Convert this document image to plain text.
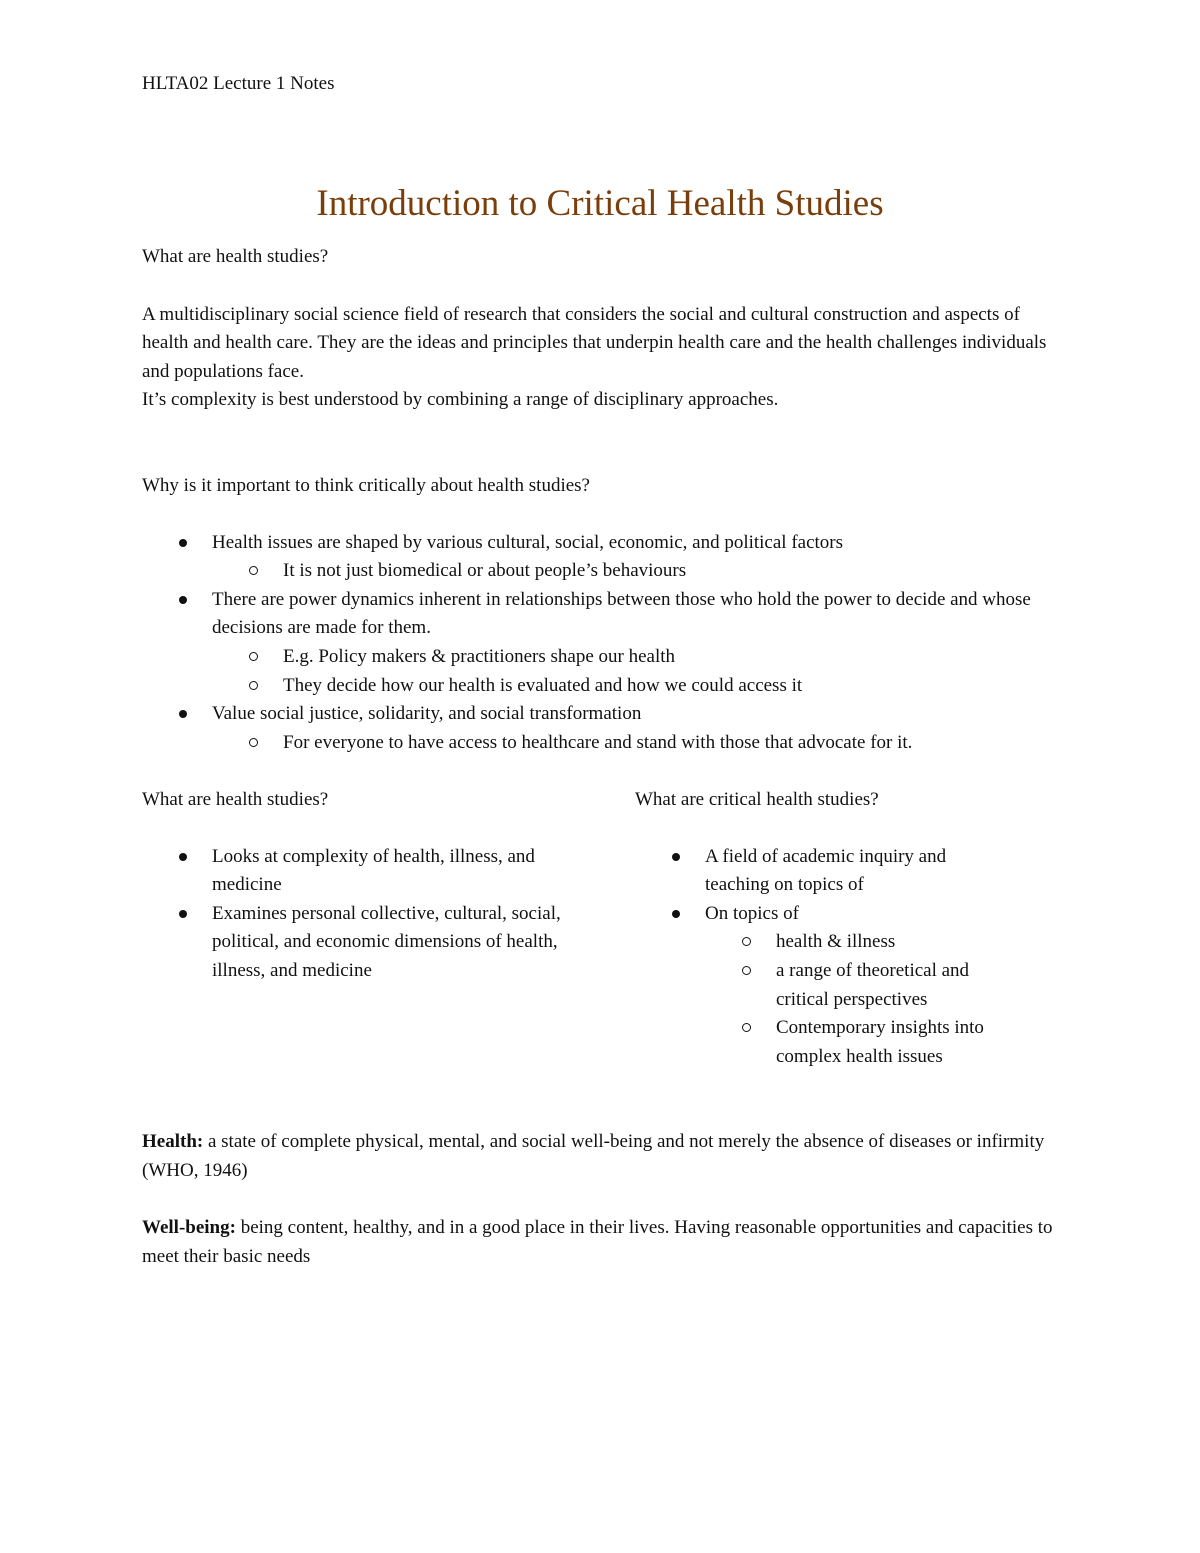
HLTA02 Lecture 1 Notes
Introduction to Critical Health Studies

What are health studies?

A multidisciplinary social science field of research that considers the social and cultural construction and aspects of health and health care. They are the ideas and principles that underpin health care and the health challenges individuals and populations face.

It’s complexity is best understood by combining a range of disciplinary approaches.

Why is it important to think critically about health studies?

Health issues are shaped by various cultural, social, economic, and political factors
It is not just biomedical or about people’s behaviours
There are power dynamics inherent in relationships between those who hold the power to decide and whose decisions are made for them.
E.g. Policy makers & practitioners shape our health
They decide how our health is evaluated and how we could access it
Value social justice, solidarity, and social transformation
For everyone to have access to healthcare and stand with those that advocate for it.

What are health studies?

Looks at complexity of health, illness, and medicine
Examines personal collective, cultural, social, political, and economic dimensions of health, illness, and medicine

What are critical health studies?

A field of academic inquiry and teaching on topics of
On topics of
health & illness
a range of theoretical and critical perspectives
Contemporary insights into complex health issues

Health: a state of complete physical, mental, and social well-being and not merely the absence of diseases or infirmity (WHO, 1946)

Well-being: being content, healthy, and in a good place in their lives. Having reasonable opportunities and capacities to meet their basic needs
